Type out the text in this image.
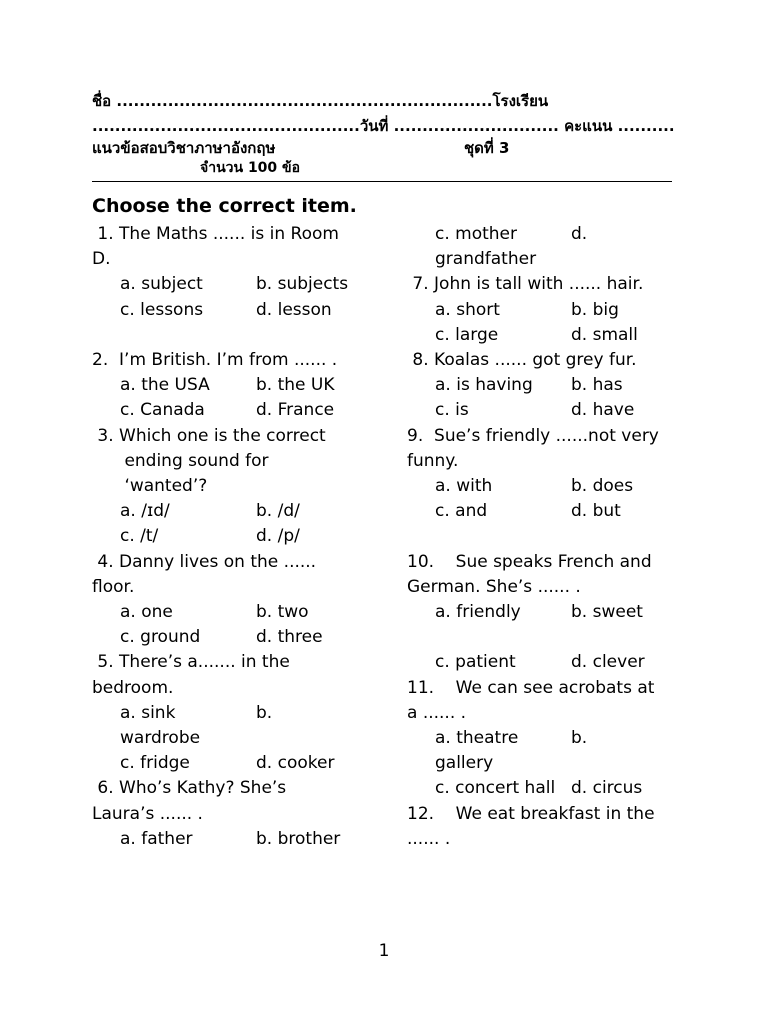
ชื่อ ..................................................................โรงเรียน
...............................................วันที่ ............................. คะแนน ..........
แนวข้อสอบวิชาภาษาอังกฤษ	ชุดที่ 3
จำนวน 100 ข้อ
Choose the correct item.
1. The Maths ...... is in Room
D.
a. subject	b. subjects
c. lessons	d. lesson
2.  I’m British. I’m from ...... .
a. the USA	b. the UK
c. Canada	d. France
3. Which one is the correct
ending sound for
‘wanted’?
a. /ɪd/	b. /d/
c. /t/	d. /p/
4. Danny lives on the ......
floor.
a. one	b. two
c. ground	d. three
5. There’s a....... in the
bedroom.
a. sink	b.
wardrobe
c. fridge	d. cooker
6. Who’s Kathy? She’s
Laura’s ...... .
a. father	b. brother
c. mother	d.
grandfather
7. John is tall with ...... hair.
a. short	b. big
c. large	d. small
8. Koalas ...... got grey fur.
a. is having	b. has
c. is	d. have
9.  Sue’s friendly ......not very
funny.
a. with	b. does
c. and	d. but
10.    Sue speaks French and
German. She’s ...... .
a. friendly	b. sweet
c. patient	d. clever
11.    We can see acrobats at
a ...... .
a. theatre	b.
gallery
c. concert hall d. circus
12.    We eat breakfast in the
...... .
1
